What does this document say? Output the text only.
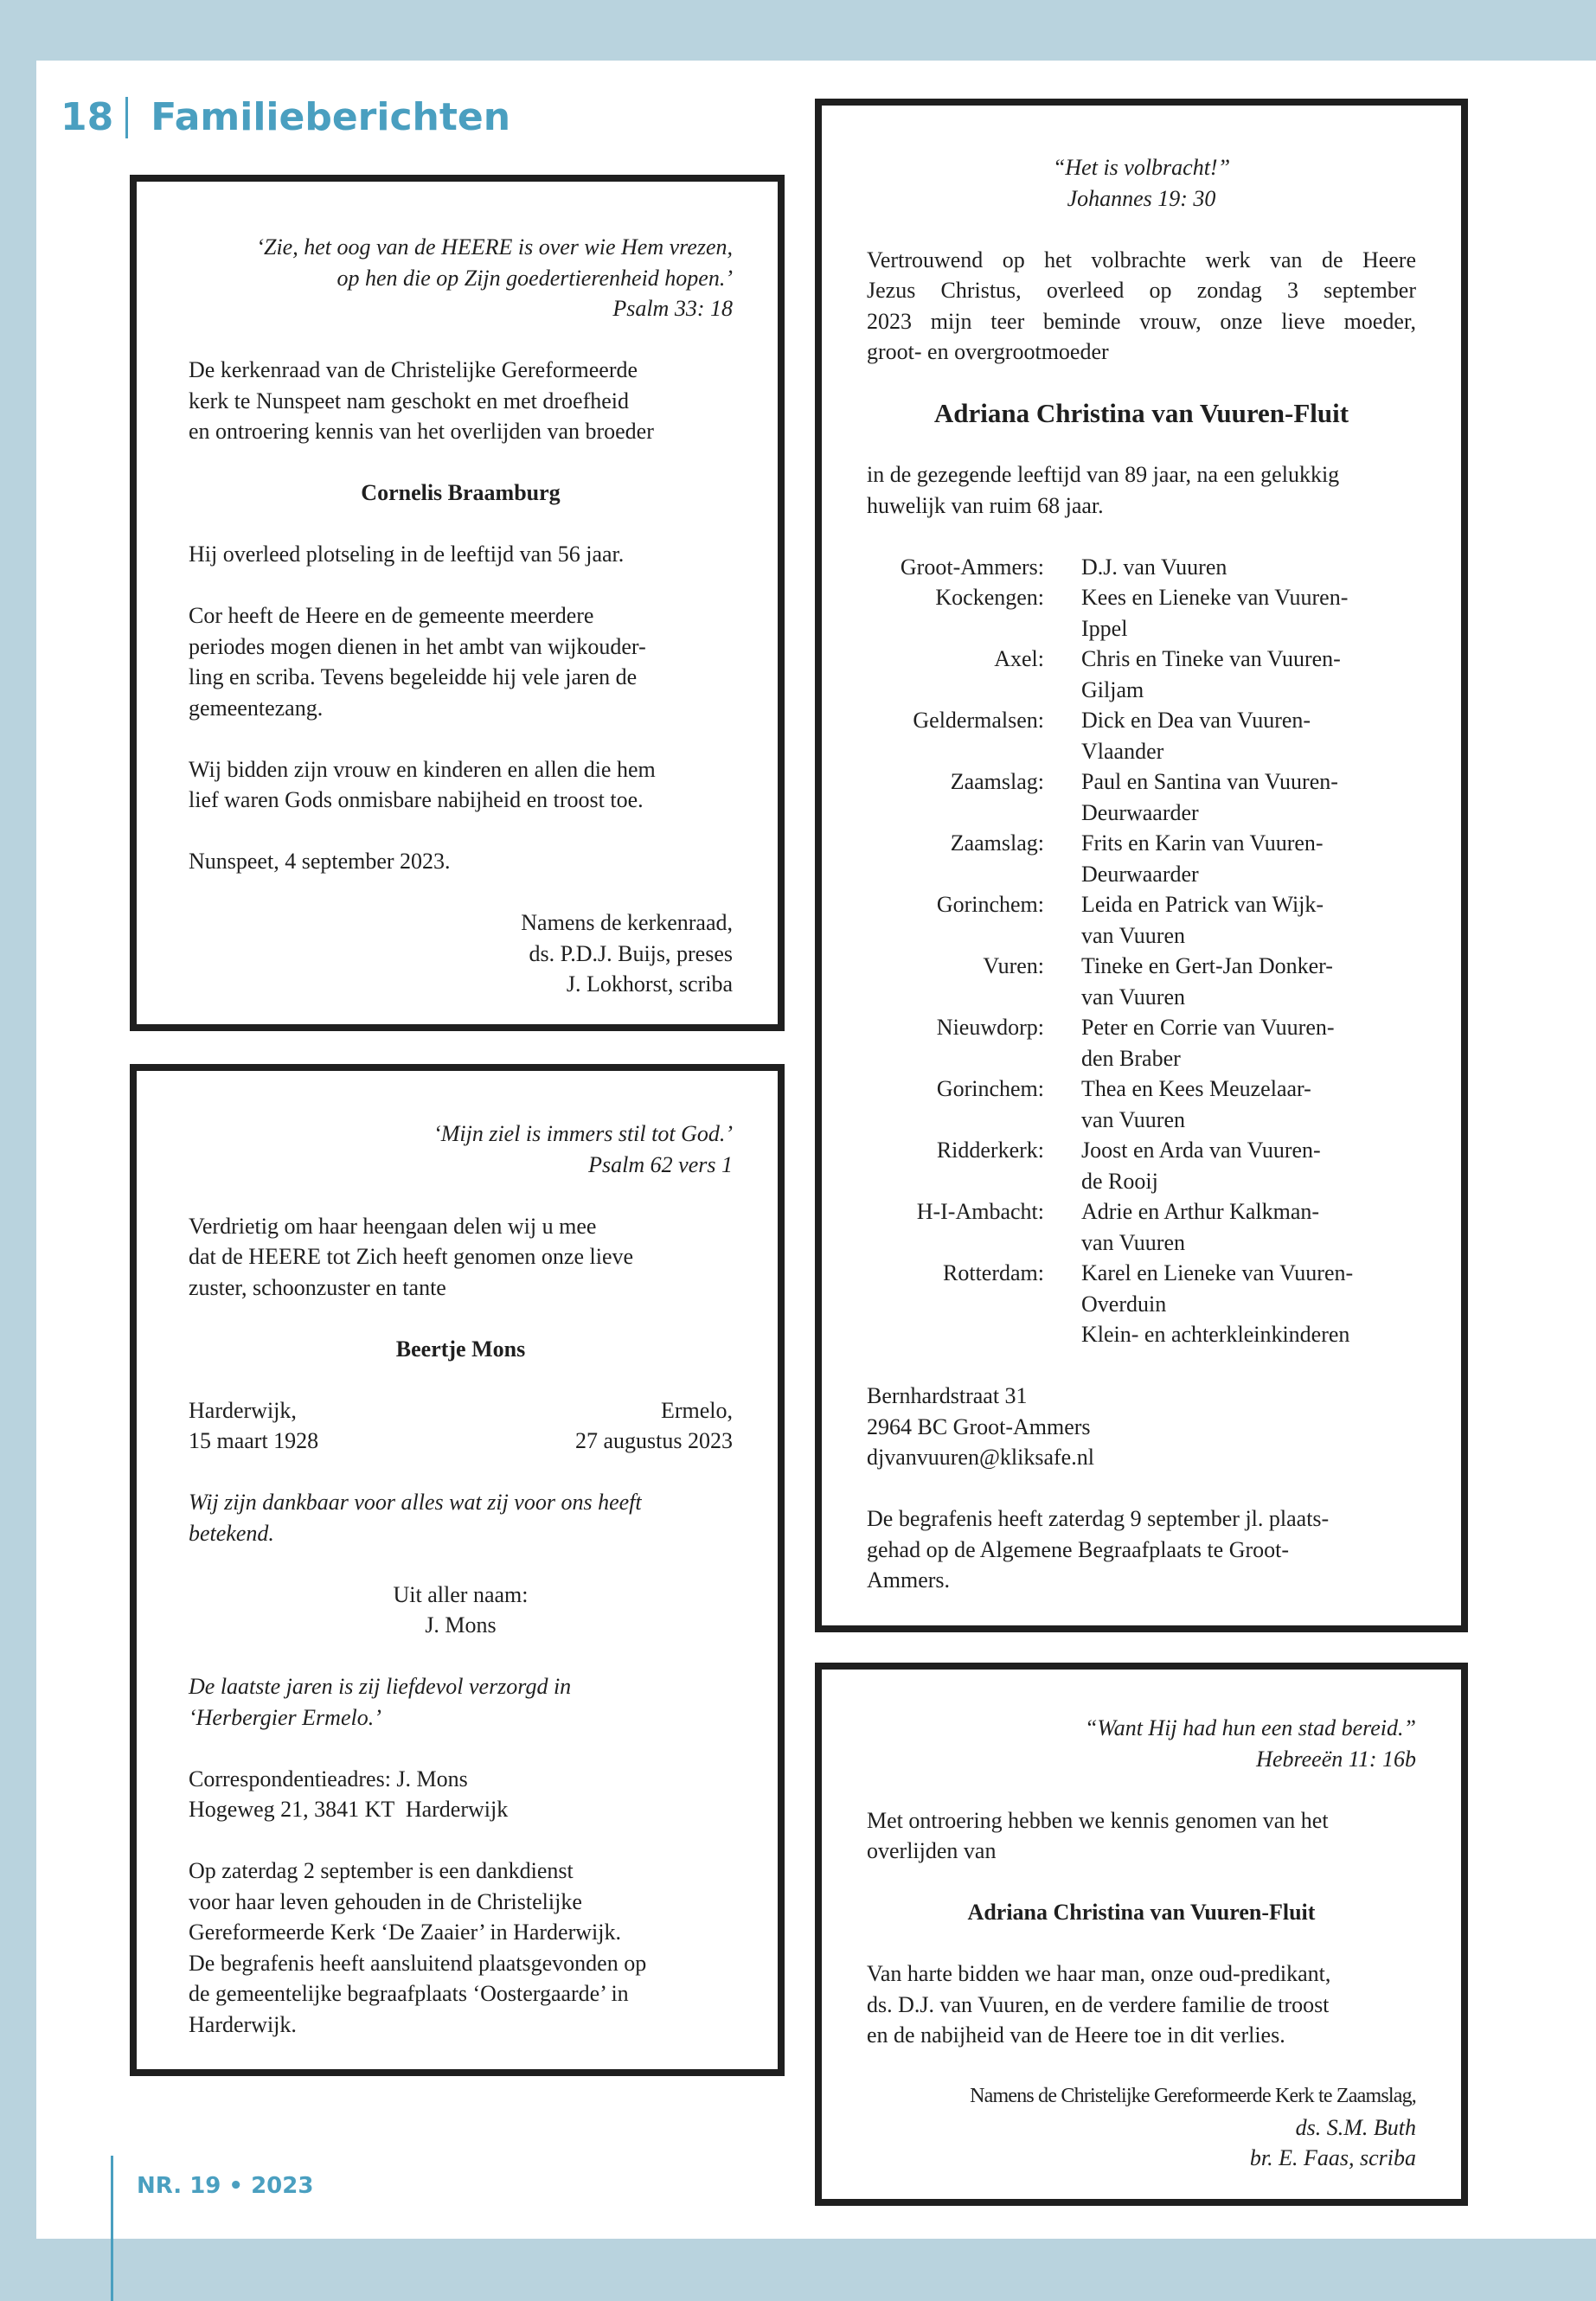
18 Familieberichten

‘Zie, het oog van de HEERE is over wie Hem vrezen,

op hen die op Zijn goedertierenheid hopen.’

Psalm 33: 18

De kerkenraad van de Christelijke Gereformeerde

kerk te Nunspeet nam geschokt en met droefheid

en ontroering kennis van het overlijden van broeder

Cornelis Braamburg

Hij overleed plotseling in de leeftijd van 56 jaar.

Cor heeft de Heere en de gemeente meerdere

periodes mogen dienen in het ambt van wijkouder-

ling en scriba. Tevens begeleidde hij vele jaren de

gemeentezang.

Wij bidden zijn vrouw en kinderen en allen die hem

lief waren Gods onmisbare nabijheid en troost toe.

Nunspeet, 4 september 2023.

Namens de kerkenraad,

ds. P.D.J. Buijs, preses

J. Lokhorst, scriba

‘Mijn ziel is immers stil tot God.’

Psalm 62 vers 1

Verdrietig om haar heengaan delen wij u mee

dat de HEERE tot Zich heeft genomen onze lieve

zuster, schoonzuster en tante

Beertje Mons

Harderwijk,	Ermelo,
15 maart 1928	27 augustus 2023

Wij zijn dankbaar voor alles wat zij voor ons heeft

betekend.

Uit aller naam:

J. Mons

De laatste jaren is zij liefdevol verzorgd in

‘Herbergier Ermelo.’

Correspondentieadres: J. Mons

Hogeweg 21, 3841 KT  Harderwijk

Op zaterdag 2 september is een dankdienst

voor haar leven gehouden in de Christelijke

Gereformeerde Kerk ‘De Zaaier’ in Harderwijk.

De begrafenis heeft aansluitend plaatsgevonden op

de gemeentelijke begraafplaats ‘Oostergaarde’ in

Harderwijk.

“Het is volbracht!”

Johannes 19: 30

Vertrouwend op het volbrachte werk van de Heere

Jezus Christus, overleed op zondag 3 september

2023 mijn teer beminde vrouw, onze lieve moeder,

groot- en overgrootmoeder

Adriana Christina van Vuuren-Fluit

in de gezegende leeftijd van 89 jaar, na een gelukkig

huwelijk van ruim 68 jaar.

Groot-Ammers: D.J. van Vuuren

Kockengen: Kees en Lieneke van Vuuren-

Ippel

Axel: Chris en Tineke van Vuuren-

Giljam

Geldermalsen: Dick en Dea van Vuuren-

Vlaander

Zaamslag: Paul en Santina van Vuuren-

Deurwaarder

Zaamslag: Frits en Karin van Vuuren-

Deurwaarder

Gorinchem: Leida en Patrick van Wijk-

van Vuuren

Vuren: Tineke en Gert-Jan Donker-

van Vuuren

Nieuwdorp: Peter en Corrie van Vuuren-

den Braber

Gorinchem: Thea en Kees Meuzelaar-

van Vuuren

Ridderkerk: Joost en Arda van Vuuren-

de Rooij

H-I-Ambacht: Adrie en Arthur Kalkman-

van Vuuren

Rotterdam: Karel en Lieneke van Vuuren-

Overduin

Klein- en achterkleinkinderen

Bernhardstraat 31

2964 BC Groot-Ammers

djvanvuuren@kliksafe.nl

De begrafenis heeft zaterdag 9 september jl. plaats-

gehad op de Algemene Begraafplaats te Groot-

Ammers.

“Want Hij had hun een stad bereid.”

Hebreeën 11: 16b

Met ontroering hebben we kennis genomen van het

overlijden van

Adriana Christina van Vuuren-Fluit

Van harte bidden we haar man, onze oud-predikant,

ds. D.J. van Vuuren, en de verdere familie de troost

en de nabijheid van de Heere toe in dit verlies.

Namens de Christelijke Gereformeerde Kerk te Zaamslag,

ds. S.M. Buth

br. E. Faas, scriba

NR. 19 • 2023
